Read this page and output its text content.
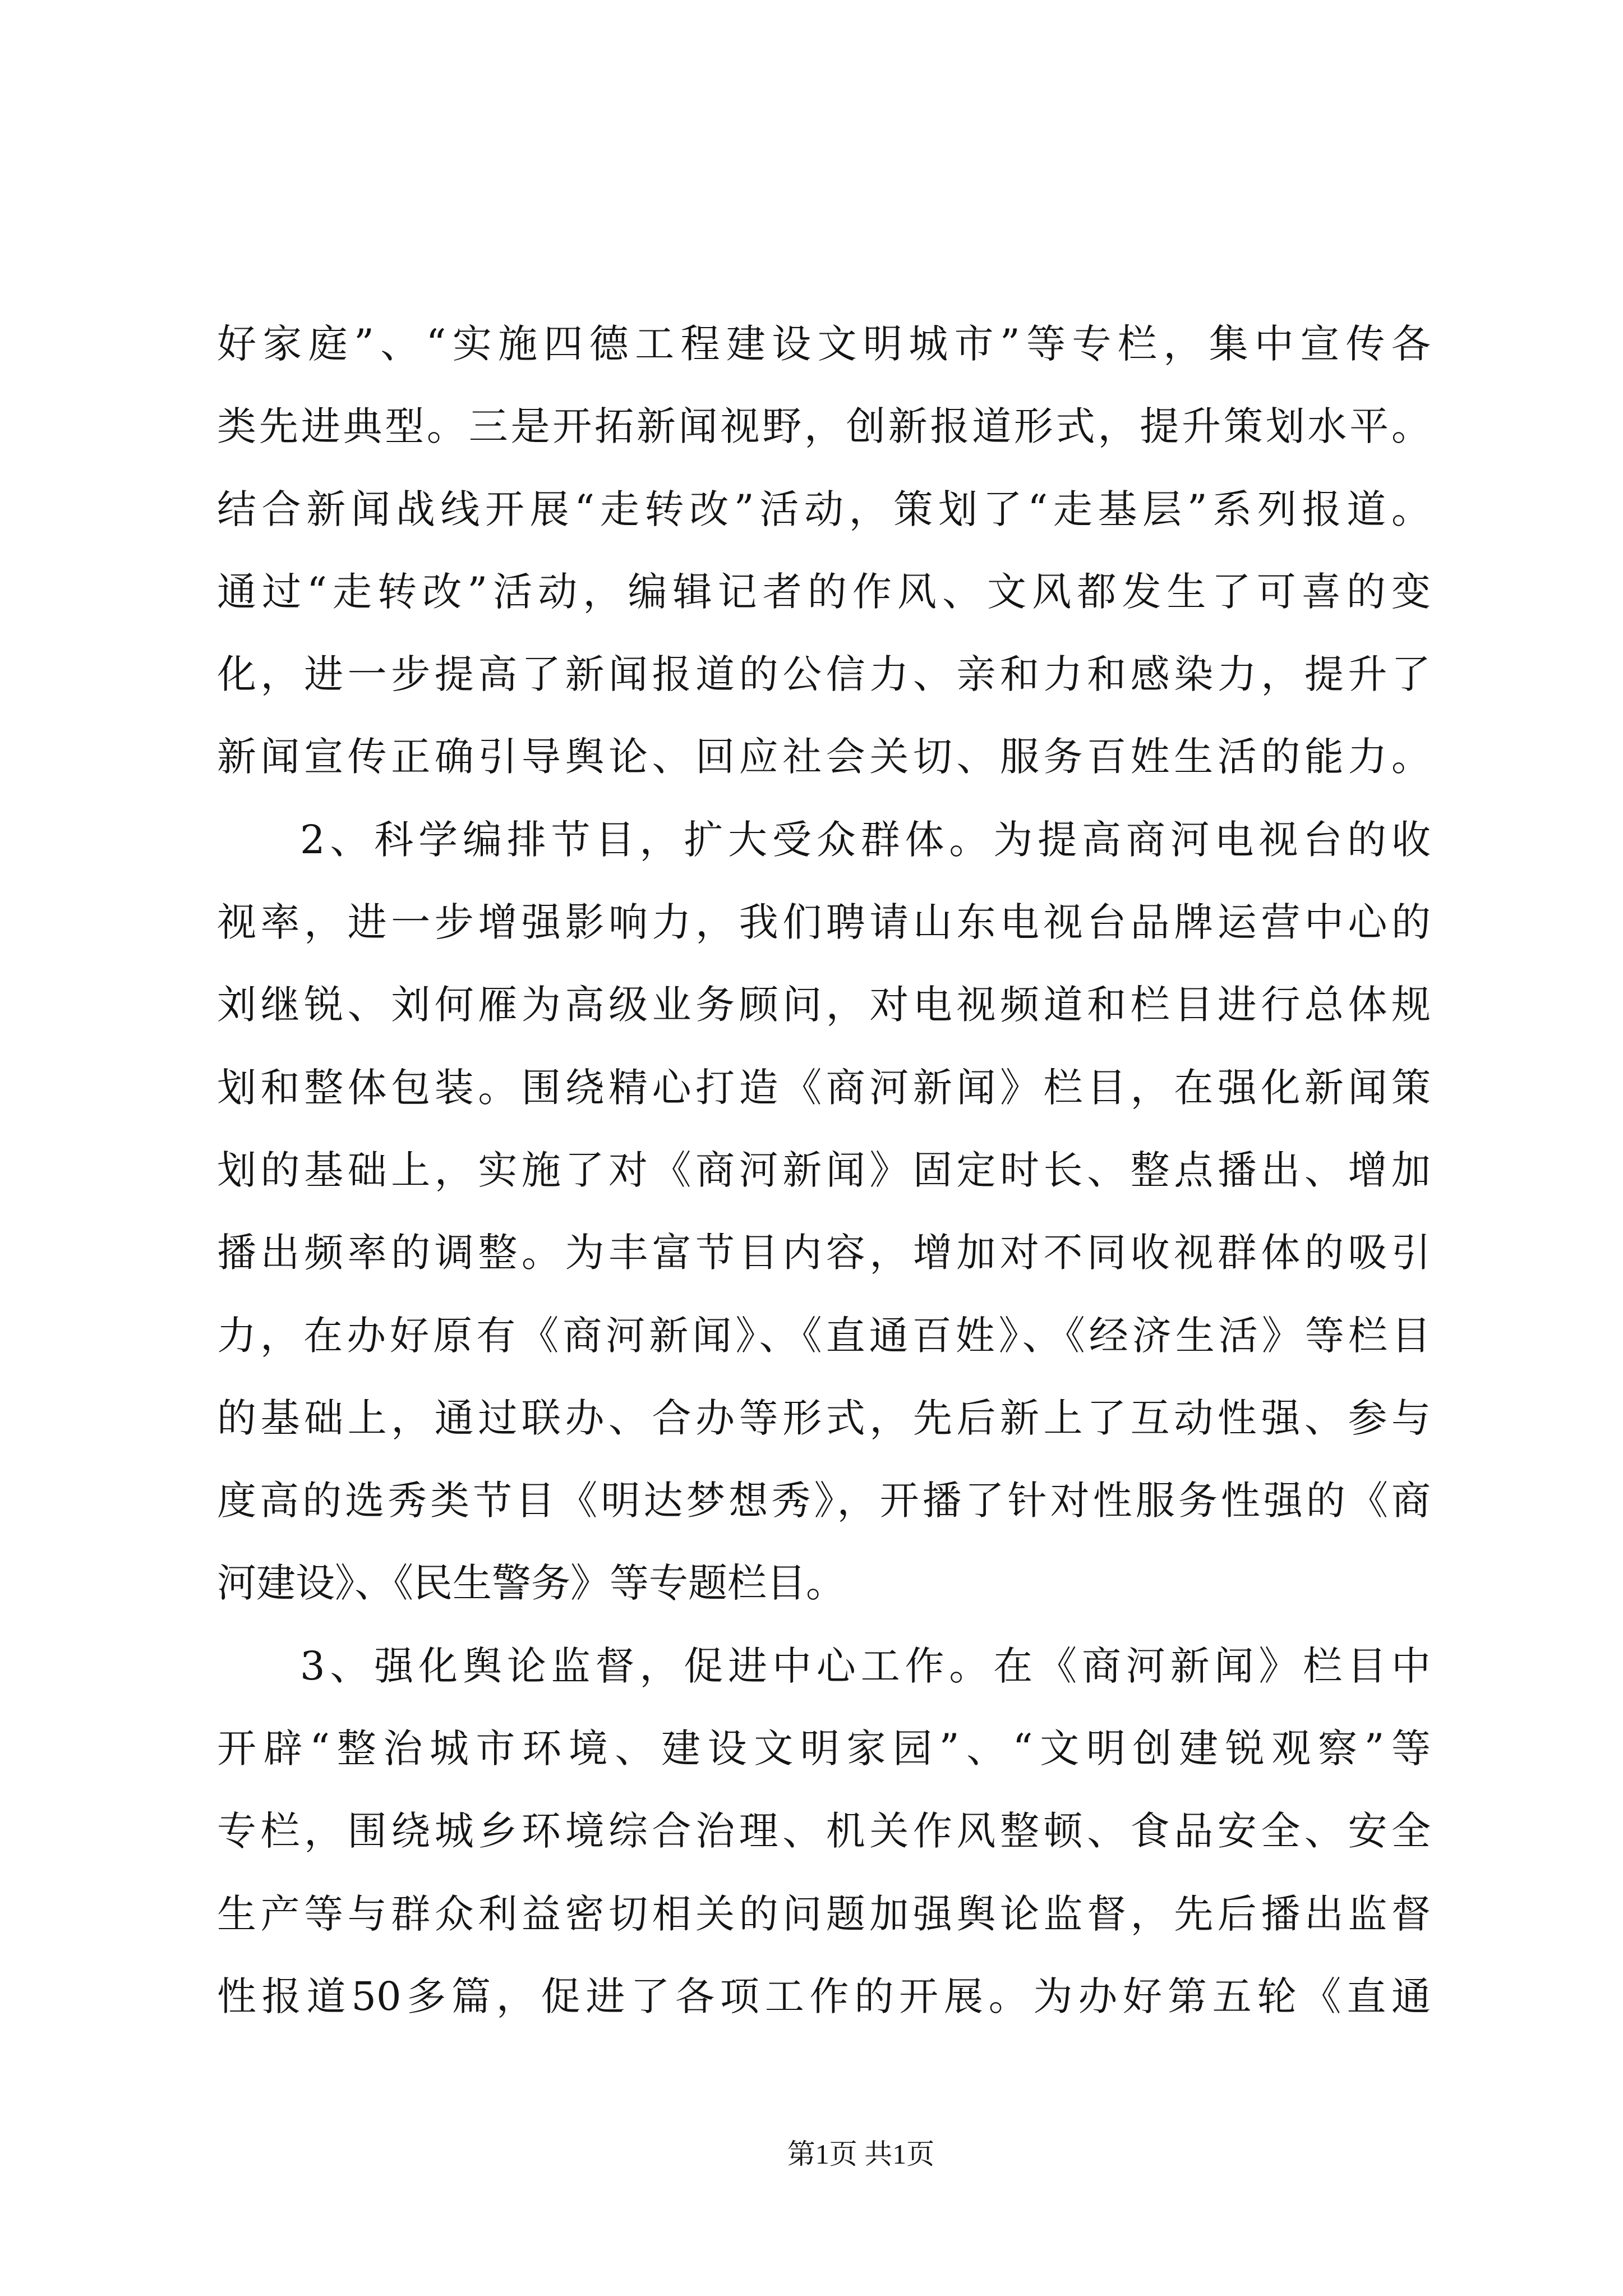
好家庭”、“实施四德工程建设文明城市”等专栏，集中宣传各
类先进典型。三是开拓新闻视野，创新报道形式，提升策划水平。
结合新闻战线开展“走转改”活动，策划了“走基层”系列报道。
通过“走转改”活动，编辑记者的作风、文风都发生了可喜的变
化，进一步提高了新闻报道的公信力、亲和力和感染力，提升了
新闻宣传正确引导舆论、回应社会关切、服务百姓生活的能力。
2、科学编排节目，扩大受众群体。为提高商河电视台的收
视率，进一步增强影响力，我们聘请山东电视台品牌运营中心的
刘继锐、刘何雁为高级业务顾问，对电视频道和栏目进行总体规
划和整体包装。围绕精心打造《商河新闻》栏目，在强化新闻策
划的基础上，实施了对《商河新闻》固定时长、整点播出、增加
播出频率的调整。为丰富节目内容，增加对不同收视群体的吸引
力，在办好原有《商河新闻》、《直通百姓》、《经济生活》等栏目
的基础上，通过联办、合办等形式，先后新上了互动性强、参与
度高的选秀类节目《明达梦想秀》，开播了针对性服务性强的《商
河建设》、《民生警务》等专题栏目。
3、强化舆论监督，促进中心工作。在《商河新闻》栏目中
开辟“整治城市环境、建设文明家园”、“文明创建锐观察”等
专栏，围绕城乡环境综合治理、机关作风整顿、食品安全、安全
生产等与群众利益密切相关的问题加强舆论监督，先后播出监督
性报道50多篇，促进了各项工作的开展。为办好第五轮《直通
第1页 共1页
